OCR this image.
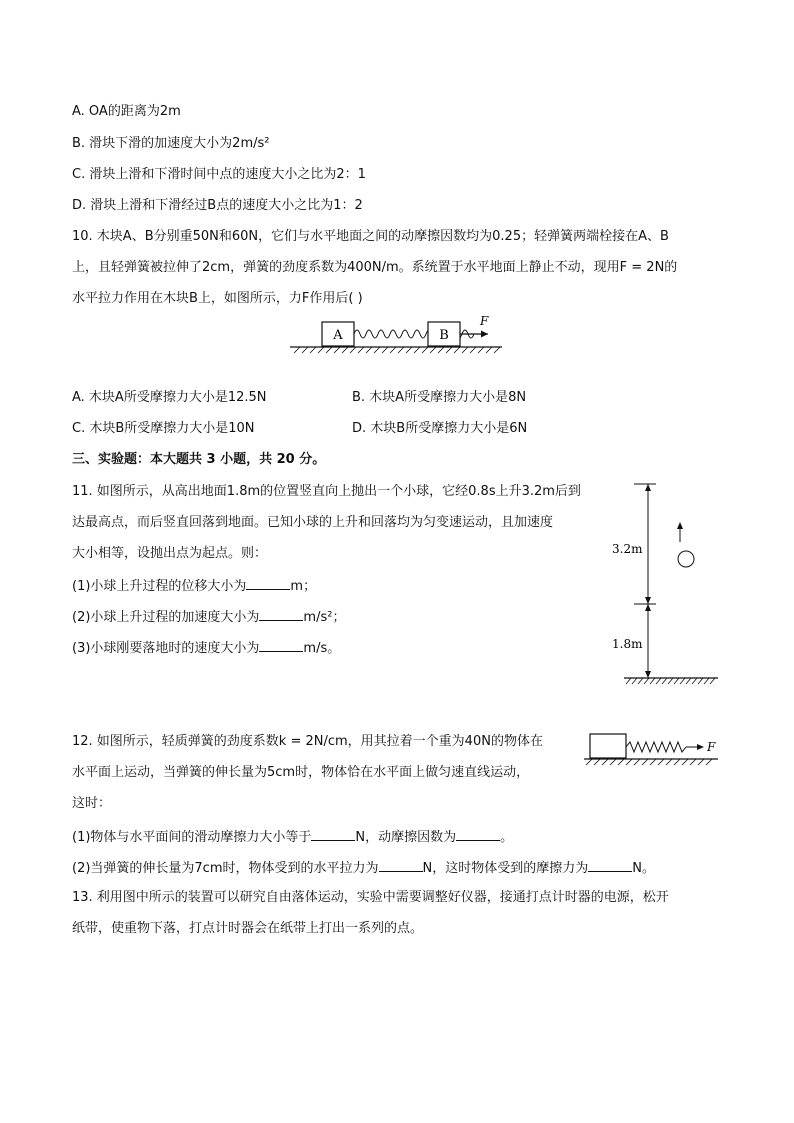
A. OA的距离为2m
B. 滑块下滑的加速度大小为2m/s²
C. 滑块上滑和下滑时间中点的速度大小之比为2：1
D. 滑块上滑和下滑经过B点的速度大小之比为1：2
10. 木块A、B分别重50N和60N，它们与水平地面之间的动摩擦因数均为0.25；轻弹簧两端栓接在A、B
上，且轻弹簧被拉伸了2cm，弹簧的劲度系数为400N/m。系统置于水平地面上静止不动，现用F = 2N的
水平拉力作用在木块B上，如图所示，力F作用后( )
A	B
F
A. 木块A所受摩擦力大小是12.5N	B. 木块A所受摩擦力大小是8N
C. 木块B所受摩擦力大小是10N	D. 木块B所受摩擦力大小是6N
三、实验题：本大题共 3 小题，共 20 分。
11. 如图所示，从高出地面1.8m的位置竖直向上抛出一个小球，它经0.8s上升3.2m后到
达最高点，而后竖直回落到地面。已知小球的上升和回落均为匀变速运动，且加速度
大小相等，设抛出点为起点。则：
(1)小球上升过程的位移大小为	m；
(2)小球上升过程的加速度大小为	m/s²；
(3)小球刚要落地时的速度大小为	m/s。
3.2m
1.8m
12. 如图所示，轻质弹簧的劲度系数k = 2N/cm，用其拉着一个重为40N的物体在
水平面上运动，当弹簧的伸长量为5cm时，物体恰在水平面上做匀速直线运动，
这时：
(1)物体与水平面间的滑动摩擦力大小等于	N，动摩擦因数为	。
(2)当弹簧的伸长量为7cm时，物体受到的水平拉力为	N，这时物体受到的摩擦力为	N。
F
13. 利用图中所示的装置可以研究自由落体运动，实验中需要调整好仪器，接通打点计时器的电源，松开
纸带，使重物下落，打点计时器会在纸带上打出一系列的点。
